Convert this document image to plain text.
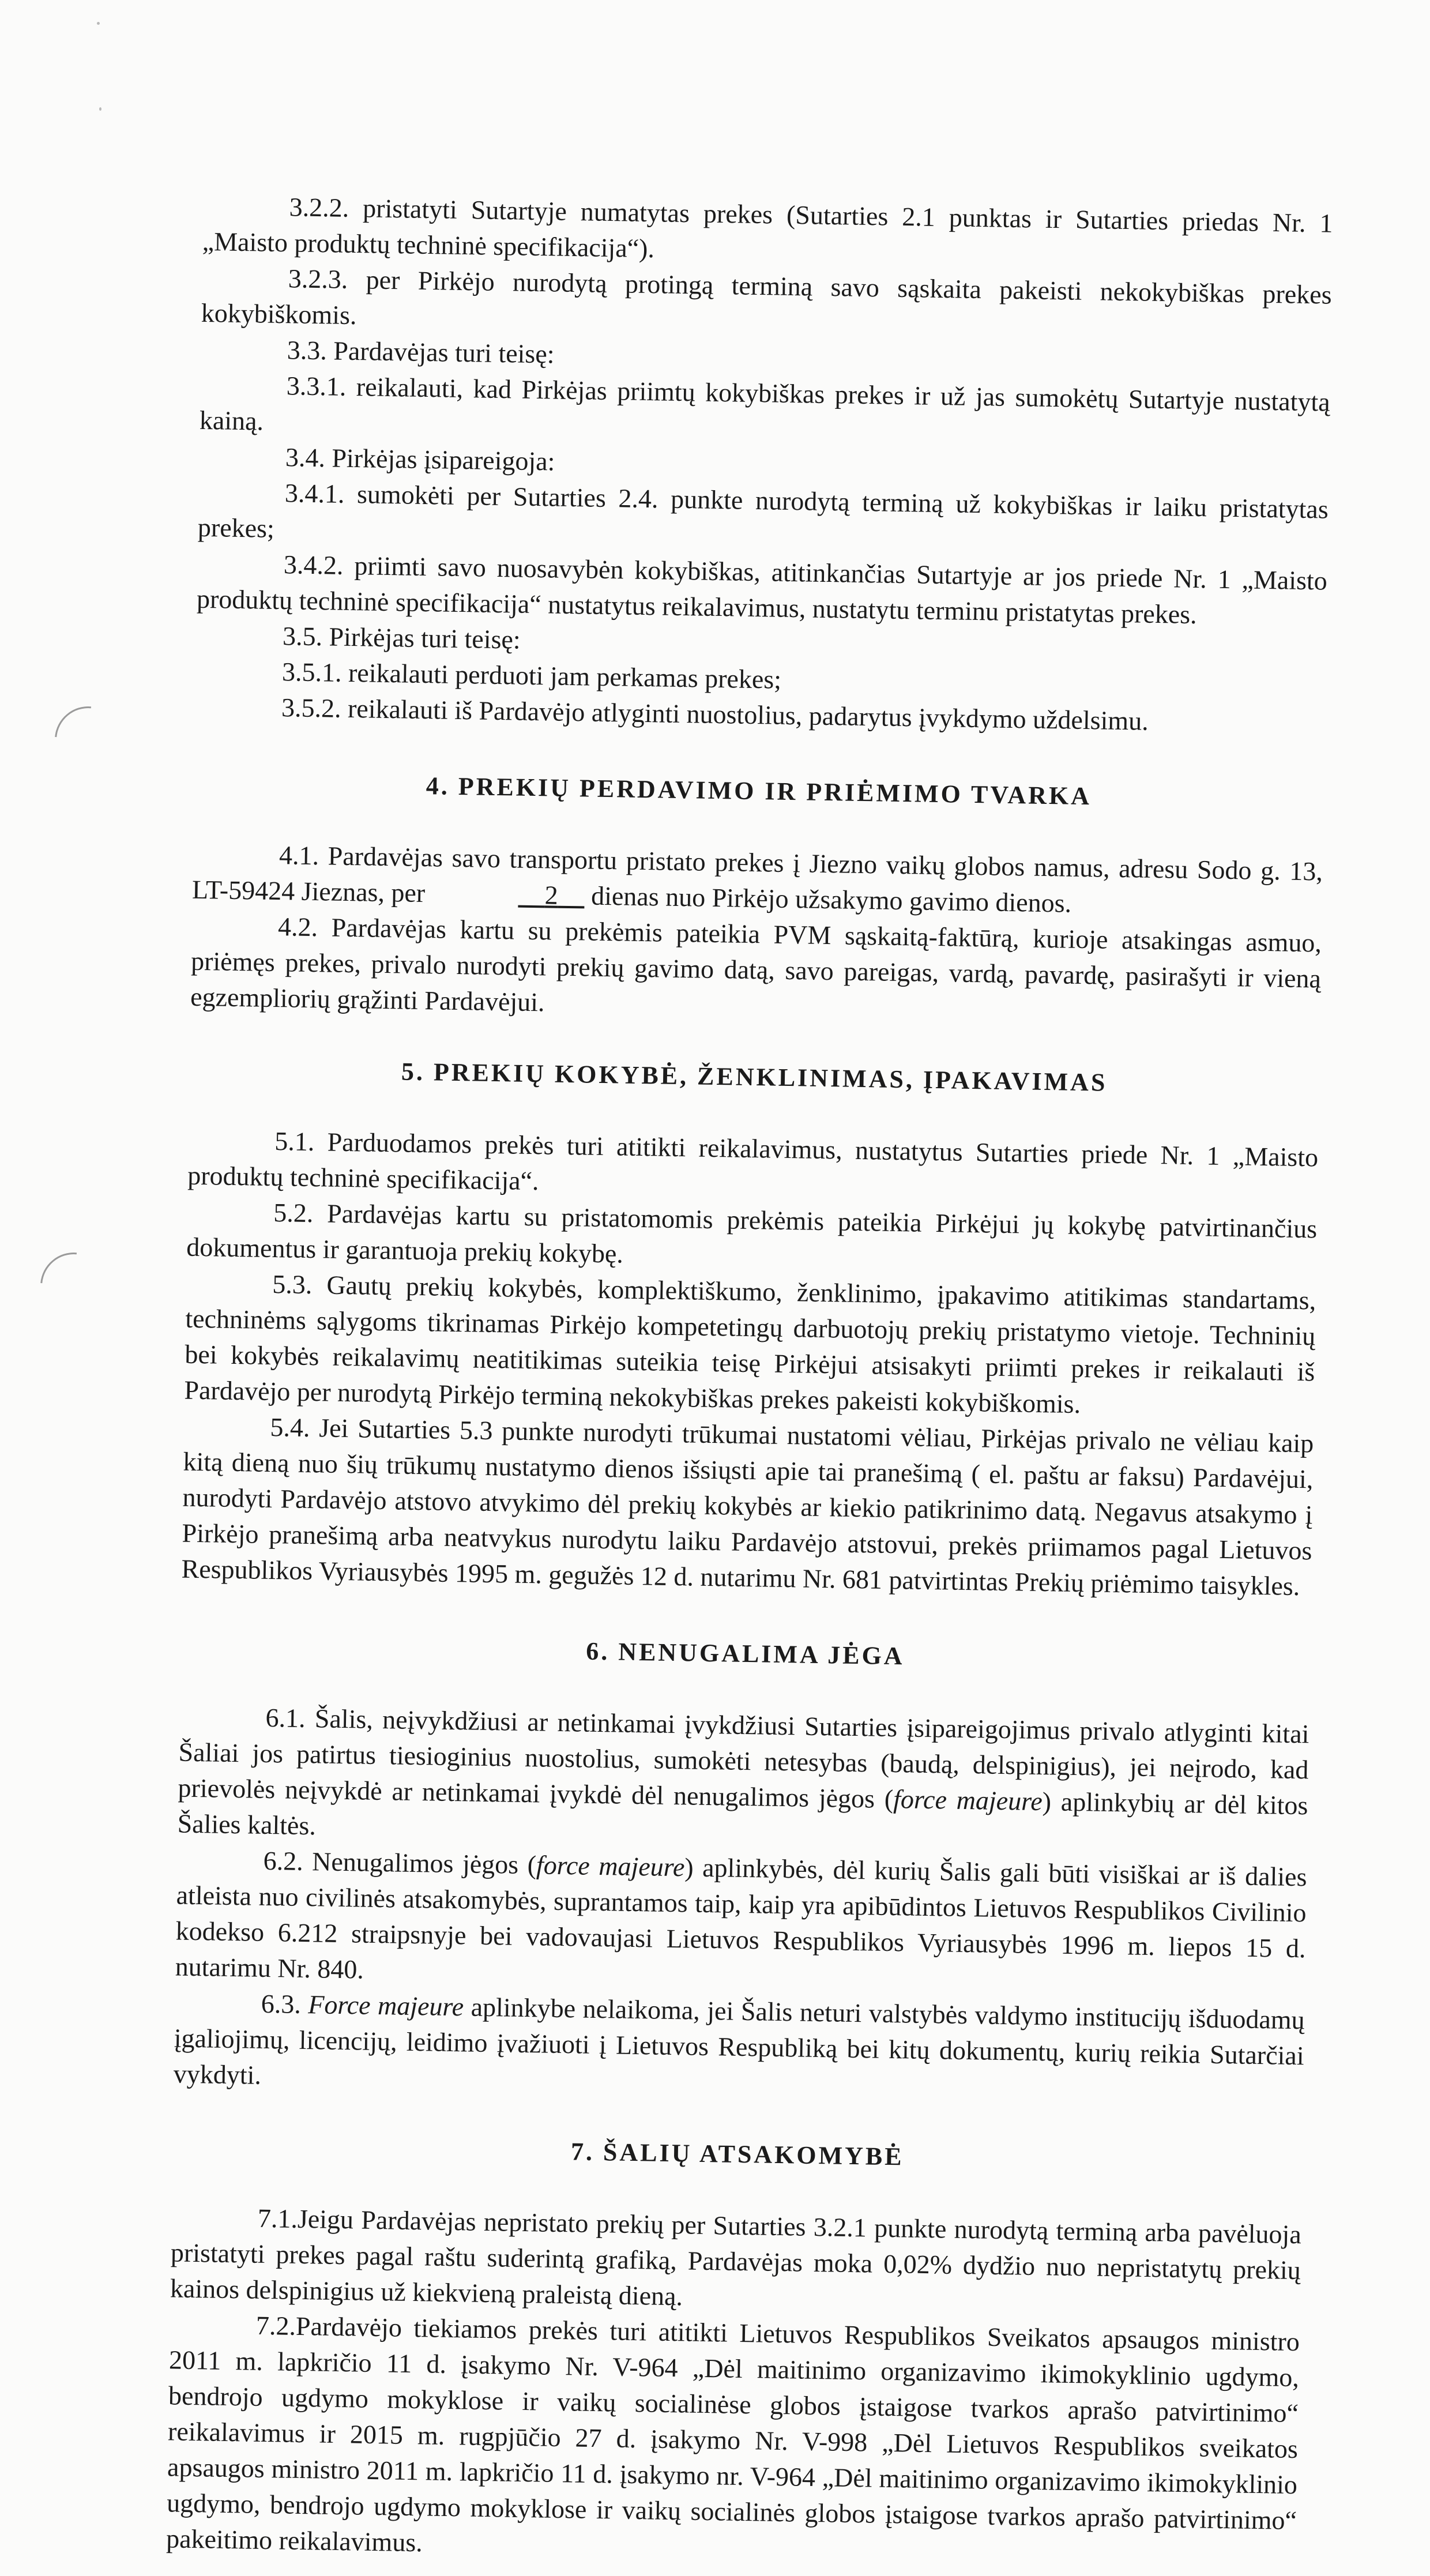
3.2.2. pristatyti Sutartyje numatytas prekes (Sutarties 2.1 punktas ir Sutarties priedas Nr. 1 „Maisto produktų techninė specifikacija“).

3.2.3. per Pirkėjo nurodytą protingą terminą savo sąskaita pakeisti nekokybiškas prekes kokybiškomis.

3.3. Pardavėjas turi teisę:

3.3.1. reikalauti, kad Pirkėjas priimtų kokybiškas prekes ir už jas sumokėtų Sutartyje nustatytą kainą.

3.4. Pirkėjas įsipareigoja:

3.4.1. sumokėti per Sutarties 2.4. punkte nurodytą terminą už kokybiškas ir laiku pristatytas prekes;

3.4.2. priimti savo nuosavybėn kokybiškas, atitinkančias Sutartyje ar jos priede Nr. 1 „Maisto produktų techninė specifikacija“ nustatytus reikalavimus, nustatytu terminu pristatytas prekes.

3.5. Pirkėjas turi teisę:

3.5.1. reikalauti perduoti jam perkamas prekes;

3.5.2. reikalauti iš Pardavėjo atlyginti nuostolius, padarytus įvykdymo uždelsimu.

4. PREKIŲ PERDAVIMO IR PRIĖMIMO TVARKA

4.1. Pardavėjas savo transportu pristato prekes į Jiezno vaikų globos namus, adresu Sodo g. 13, LT-59424 Jieznas, per	2 dienas nuo Pirkėjo užsakymo gavimo dienos.

4.2. Pardavėjas kartu su prekėmis pateikia PVM sąskaitą-faktūrą, kurioje atsakingas asmuo, priėmęs prekes, privalo nurodyti prekių gavimo datą, savo pareigas, vardą, pavardę, pasirašyti ir vieną egzempliorių grąžinti Pardavėjui.

5. PREKIŲ KOKYBĖ, ŽENKLINIMAS, ĮPAKAVIMAS

5.1. Parduodamos prekės turi atitikti reikalavimus, nustatytus Sutarties priede Nr. 1 „Maisto produktų techninė specifikacija“.

5.2. Pardavėjas kartu su pristatomomis prekėmis pateikia Pirkėjui jų kokybę patvirtinančius dokumentus ir garantuoja prekių kokybę.

5.3. Gautų prekių kokybės, komplektiškumo, ženklinimo, įpakavimo atitikimas standartams, techninėms sąlygoms tikrinamas Pirkėjo kompetetingų darbuotojų prekių pristatymo vietoje. Techninių bei kokybės reikalavimų neatitikimas suteikia teisę Pirkėjui atsisakyti priimti prekes ir reikalauti iš Pardavėjo per nurodytą Pirkėjo terminą nekokybiškas prekes pakeisti kokybiškomis.

5.4. Jei Sutarties 5.3 punkte nurodyti trūkumai nustatomi vėliau, Pirkėjas privalo ne vėliau kaip kitą dieną nuo šių trūkumų nustatymo dienos išsiųsti apie tai pranešimą ( el. paštu ar faksu) Pardavėjui, nurodyti Pardavėjo atstovo atvykimo dėl prekių kokybės ar kiekio patikrinimo datą. Negavus atsakymo į Pirkėjo pranešimą arba neatvykus nurodytu laiku Pardavėjo atstovui, prekės priimamos pagal Lietuvos Respublikos Vyriausybės 1995 m. gegužės 12 d. nutarimu Nr. 681 patvirtintas Prekių priėmimo taisykles.

6. NENUGALIMA JĖGA

6.1. Šalis, neįvykdžiusi ar netinkamai įvykdžiusi Sutarties įsipareigojimus privalo atlyginti kitai Šaliai jos patirtus tiesioginius nuostolius, sumokėti netesybas (baudą, delspinigius), jei neįrodo, kad prievolės neįvykdė ar netinkamai įvykdė dėl nenugalimos jėgos (force majeure) aplinkybių ar dėl kitos Šalies kaltės.

6.2. Nenugalimos jėgos (force majeure) aplinkybės, dėl kurių Šalis gali būti visiškai ar iš dalies atleista nuo civilinės atsakomybės, suprantamos taip, kaip yra apibūdintos Lietuvos Respublikos Civilinio kodekso 6.212 straipsnyje bei vadovaujasi Lietuvos Respublikos Vyriausybės 1996 m. liepos 15 d. nutarimu Nr. 840.

6.3. Force majeure aplinkybe nelaikoma, jei Šalis neturi valstybės valdymo institucijų išduodamų įgaliojimų, licencijų, leidimo įvažiuoti į Lietuvos Respubliką bei kitų dokumentų, kurių reikia Sutarčiai vykdyti.

7. ŠALIŲ ATSAKOMYBĖ

7.1.Jeigu Pardavėjas nepristato prekių per Sutarties 3.2.1 punkte nurodytą terminą arba pavėluoja pristatyti prekes pagal raštu suderintą grafiką, Pardavėjas moka 0,02% dydžio nuo nepristatytų prekių kainos delspinigius už kiekvieną praleistą dieną.

7.2.Pardavėjo tiekiamos prekės turi atitikti Lietuvos Respublikos Sveikatos apsaugos ministro 2011 m. lapkričio 11 d. įsakymo Nr. V-964 „Dėl maitinimo organizavimo ikimokyklinio ugdymo, bendrojo ugdymo mokyklose ir vaikų socialinėse globos įstaigose tvarkos aprašo patvirtinimo“ reikalavimus ir 2015 m. rugpjūčio 27 d. įsakymo Nr. V-998 „Dėl Lietuvos Respublikos sveikatos apsaugos ministro 2011 m. lapkričio 11 d. įsakymo nr. V-964 „Dėl maitinimo organizavimo ikimokyklinio ugdymo, bendrojo ugdymo mokyklose ir vaikų socialinės globos įstaigose tvarkos aprašo patvirtinimo“ pakeitimo reikalavimus.
